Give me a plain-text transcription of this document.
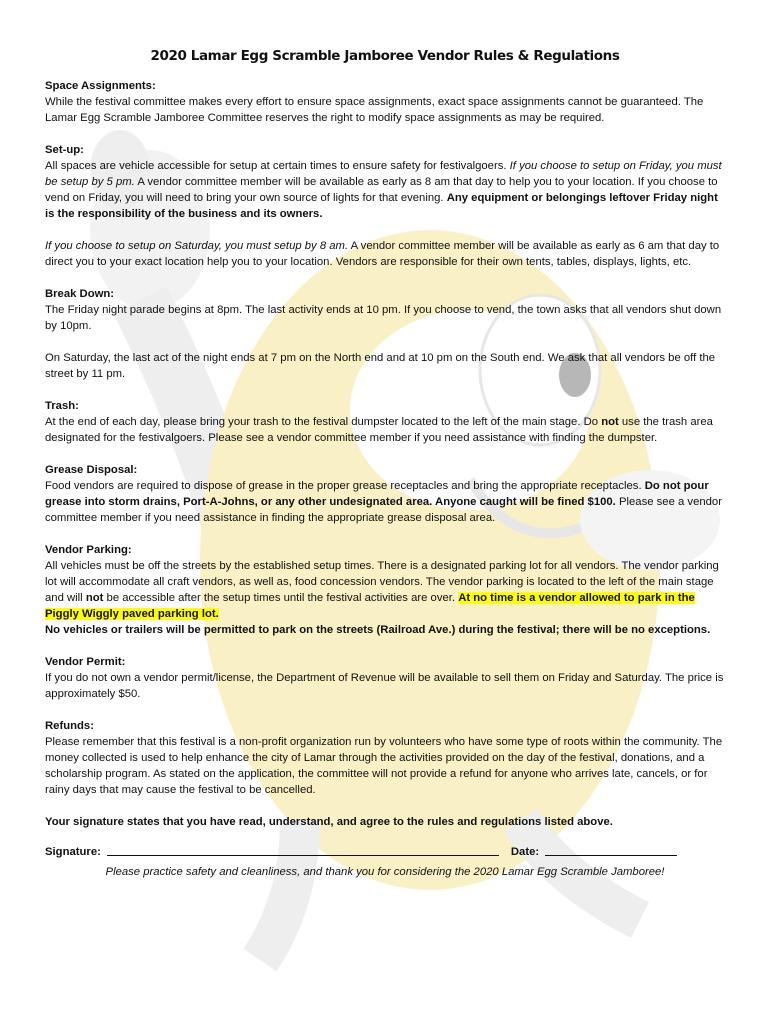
2020 Lamar Egg Scramble Jamboree Vendor Rules & Regulations
Space Assignments:

While the festival committee makes every effort to ensure space assignments, exact space assignments cannot be guaranteed. The Lamar Egg Scramble Jamboree Committee reserves the right to modify space assignments as may be required.

Set-up:

All spaces are vehicle accessible for setup at certain times to ensure safety for festivalgoers. If you choose to setup on Friday, you must be setup by 5 pm. A vendor committee member will be available as early as 8 am that day to help you to your location. If you choose to vend on Friday, you will need to bring your own source of lights for that evening. Any equipment or belongings leftover Friday night is the responsibility of the business and its owners.

If you choose to setup on Saturday, you must setup by 8 am. A vendor committee member will be available as early as 6 am that day to direct you to your exact location help you to your location. Vendors are responsible for their own tents, tables, displays, lights, etc.

Break Down:

The Friday night parade begins at 8pm. The last activity ends at 10 pm. If you choose to vend, the town asks that all vendors shut down by 10pm.

On Saturday, the last act of the night ends at 7 pm on the North end and at 10 pm on the South end. We ask that all vendors be off the street by 11 pm.

Trash:

At the end of each day, please bring your trash to the festival dumpster located to the left of the main stage. Do not use the trash area designated for the festivalgoers. Please see a vendor committee member if you need assistance with finding the dumpster.

Grease Disposal:

Food vendors are required to dispose of grease in the proper grease receptacles and bring the appropriate receptacles. Do not pour grease into storm drains, Port-A-Johns, or any other undesignated area. Anyone caught will be fined $100. Please see a vendor committee member if you need assistance in finding the appropriate grease disposal area.

Vendor Parking:

All vehicles must be off the streets by the established setup times. There is a designated parking lot for all vendors. The vendor parking lot will accommodate all craft vendors, as well as, food concession vendors. The vendor parking is located to the left of the main stage and will not be accessible after the setup times until the festival activities are over. At no time is a vendor allowed to park in the Piggly Wiggly paved parking lot.

No vehicles or trailers will be permitted to park on the streets (Railroad Ave.) during the festival; there will be no exceptions.

Vendor Permit:

If you do not own a vendor permit/license, the Department of Revenue will be available to sell them on Friday and Saturday. The price is approximately $50.

Refunds:

Please remember that this festival is a non-profit organization run by volunteers who have some type of roots within the community. The money collected is used to help enhance the city of Lamar through the activities provided on the day of the festival, donations, and a scholarship program. As stated on the application, the committee will not provide a refund for anyone who arrives late, cancels, or for rainy days that may cause the festival to be cancelled.

Your signature states that you have read, understand, and agree to the rules and regulations listed above.
Signature:	Date:
Please practice safety and cleanliness, and thank you for considering the 2020 Lamar Egg Scramble Jamboree!
